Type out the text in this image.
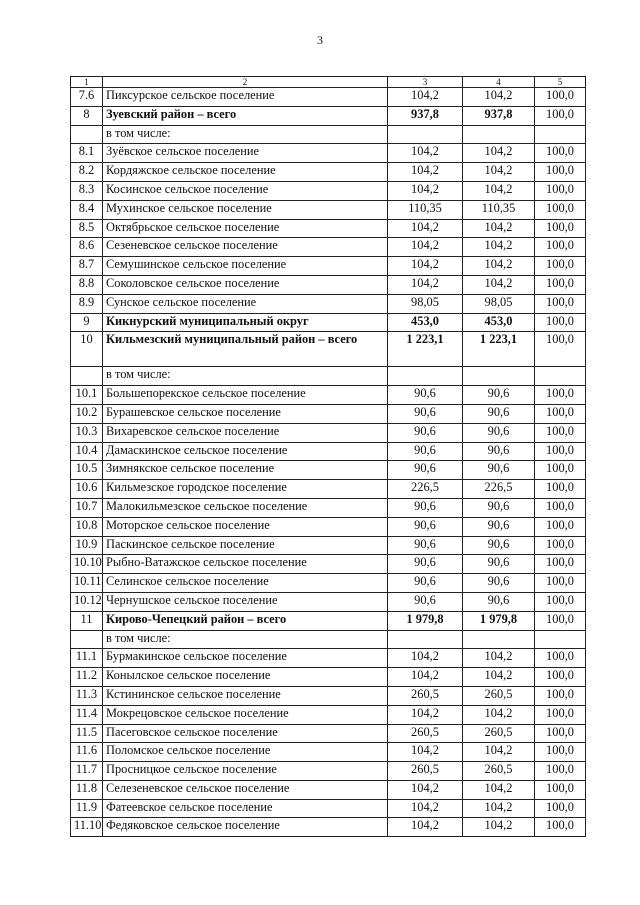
3
1	2	3	4	5
7.6	Пиксурское сельское поселение	104,2	104,2	100,0
8	Зуевский район – всего	937,8	937,8	100,0
	в том числе:			
8.1	Зуёвское сельское поселение	104,2	104,2	100,0
8.2	Кордяжское сельское поселение	104,2	104,2	100,0
8.3	Косинское сельское поселение	104,2	104,2	100,0
8.4	Мухинское сельское поселение	110,35	110,35	100,0
8.5	Октябрьское сельское поселение	104,2	104,2	100,0
8.6	Сезеневское сельское поселение	104,2	104,2	100,0
8.7	Семушинское сельское поселение	104,2	104,2	100,0
8.8	Соколовское сельское поселение	104,2	104,2	100,0
8.9	Сунское сельское поселение	98,05	98,05	100,0
9	Кикнурский муниципальный округ	453,0	453,0	100,0
10	Кильмезский муниципальный район – всего	1 223,1	1 223,1	100,0
	в том числе:			
10.1	Большепорекское сельское поселение	90,6	90,6	100,0
10.2	Бурашевское сельское поселение	90,6	90,6	100,0
10.3	Вихаревское сельское поселение	90,6	90,6	100,0
10.4	Дамаскинское сельское поселение	90,6	90,6	100,0
10.5	Зимнякское сельское поселение	90,6	90,6	100,0
10.6	Кильмезское городское поселение	226,5	226,5	100,0
10.7	Малокильмезское сельское поселение	90,6	90,6	100,0
10.8	Моторское сельское поселение	90,6	90,6	100,0
10.9	Паскинское сельское поселение	90,6	90,6	100,0
10.10	Рыбно-Ватажское сельское поселение	90,6	90,6	100,0
10.11	Селинское сельское поселение	90,6	90,6	100,0
10.12	Чернушское сельское поселение	90,6	90,6	100,0
11	Кирово-Чепецкий район – всего	1 979,8	1 979,8	100,0
	в том числе:			
11.1	Бурмакинское сельское поселение	104,2	104,2	100,0
11.2	Конылское сельское поселение	104,2	104,2	100,0
11.3	Кстининское сельское поселение	260,5	260,5	100,0
11.4	Мокрецовское сельское поселение	104,2	104,2	100,0
11.5	Пасеговское сельское поселение	260,5	260,5	100,0
11.6	Поломское сельское поселение	104,2	104,2	100,0
11.7	Просницкое сельское поселение	260,5	260,5	100,0
11.8	Селезеневское сельское поселение	104,2	104,2	100,0
11.9	Фатеевское сельское поселение	104,2	104,2	100,0
11.10	Федяковское сельское поселение	104,2	104,2	100,0
